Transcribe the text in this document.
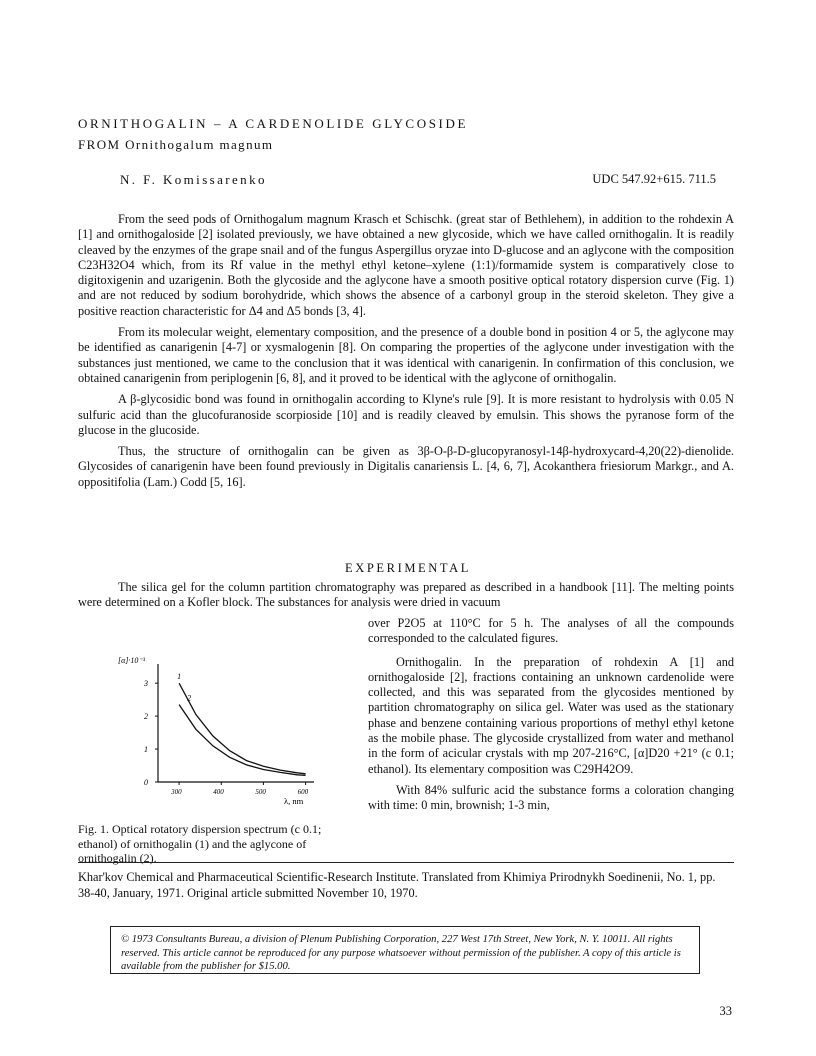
ORNITHOGALIN – A CARDENOLIDE GLYCOSIDE
FROM Ornithogalum magnum
N. F. Komissarenko	UDC 547.92+615. 711.5

From the seed pods of Ornithogalum magnum Krasch et Schischk. (great star of Bethlehem), in addition to the rohdexin A [1] and ornithogaloside [2] isolated previously, we have obtained a new glycoside, which we have called ornithogalin. It is readily cleaved by the enzymes of the grape snail and of the fungus Aspergillus oryzae into D-glucose and an aglycone with the composition C23H32O4 which, from its Rf value in the methyl ethyl ketone–xylene (1:1)/formamide system is comparatively close to digitoxigenin and uzarigenin. Both the glycoside and the aglycone have a smooth positive optical rotatory dispersion curve (Fig. 1) and are not reduced by sodium borohydride, which shows the absence of a carbonyl group in the steroid skeleton. They give a positive reaction characteristic for Δ4 and Δ5 bonds [3, 4].

From its molecular weight, elementary composition, and the presence of a double bond in position 4 or 5, the aglycone may be identified as canarigenin [4-7] or xysmalogenin [8]. On comparing the properties of the aglycone under investigation with the substances just mentioned, we came to the conclusion that it was identical with canarigenin. In confirmation of this conclusion, we obtained canarigenin from periplogenin [6, 8], and it proved to be identical with the aglycone of ornithogalin.

A β-glycosidic bond was found in ornithogalin according to Klyne's rule [9]. It is more resistant to hydrolysis with 0.05 N sulfuric acid than the glucofuranoside scorpioside [10] and is readily cleaved by emulsin. This shows the pyranose form of the glucose in the glucoside.

Thus, the structure of ornithogalin can be given as 3β-O-β-D-glucopyranosyl-14β-hydroxycard-4,20(22)-dienolide. Glycosides of canarigenin have been found previously in Digitalis canariensis L. [4, 6, 7], Acokanthera friesiorum Markgr., and A. oppositifolia (Lam.) Codd [5, 16].

EXPERIMENTAL

The silica gel for the column partition chromatography was prepared as described in a handbook [11]. The melting points were determined on a Kofler block. The substances for analysis were dried in vacuum

over P2O5 at 110°C for 5 h. The analyses of all the compounds corresponded to the calculated figures.

Ornithogalin. In the preparation of rohdexin A [1] and ornithogaloside [2], fractions containing an unknown cardenolide were collected, and this was separated from the glycosides mentioned by partition chromatography on silica gel. Water was used as the stationary phase and benzene containing various proportions of methyl ethyl ketone as the mobile phase. The glycoside crystallized from water and methanol in the form of acicular crystals with mp 207-216°C, [α]D20 +21° (c 0.1; ethanol). Its elementary composition was C29H42O9.

With 84% sulfuric acid the substance forms a coloration changing with time: 0 min, brownish; 1-3 min,

0
1
2
3
300	400	500	600
[α]·10⁻³
λ, nm
1
2
Fig. 1. Optical rotatory dispersion spectrum (c 0.1; ethanol) of ornithogalin (1) and the aglycone of ornithogalin (2).
Khar'kov Chemical and Pharmaceutical Scientific-Research Institute. Translated from Khimiya Prirodnykh Soedinenii, No. 1, pp. 38-40, January, 1971. Original article submitted November 10, 1970.
© 1973 Consultants Bureau, a division of Plenum Publishing Corporation, 227 West 17th Street, New York, N. Y. 10011. All rights reserved. This article cannot be reproduced for any purpose whatsoever without permission of the publisher. A copy of this article is available from the publisher for $15.00.
33
